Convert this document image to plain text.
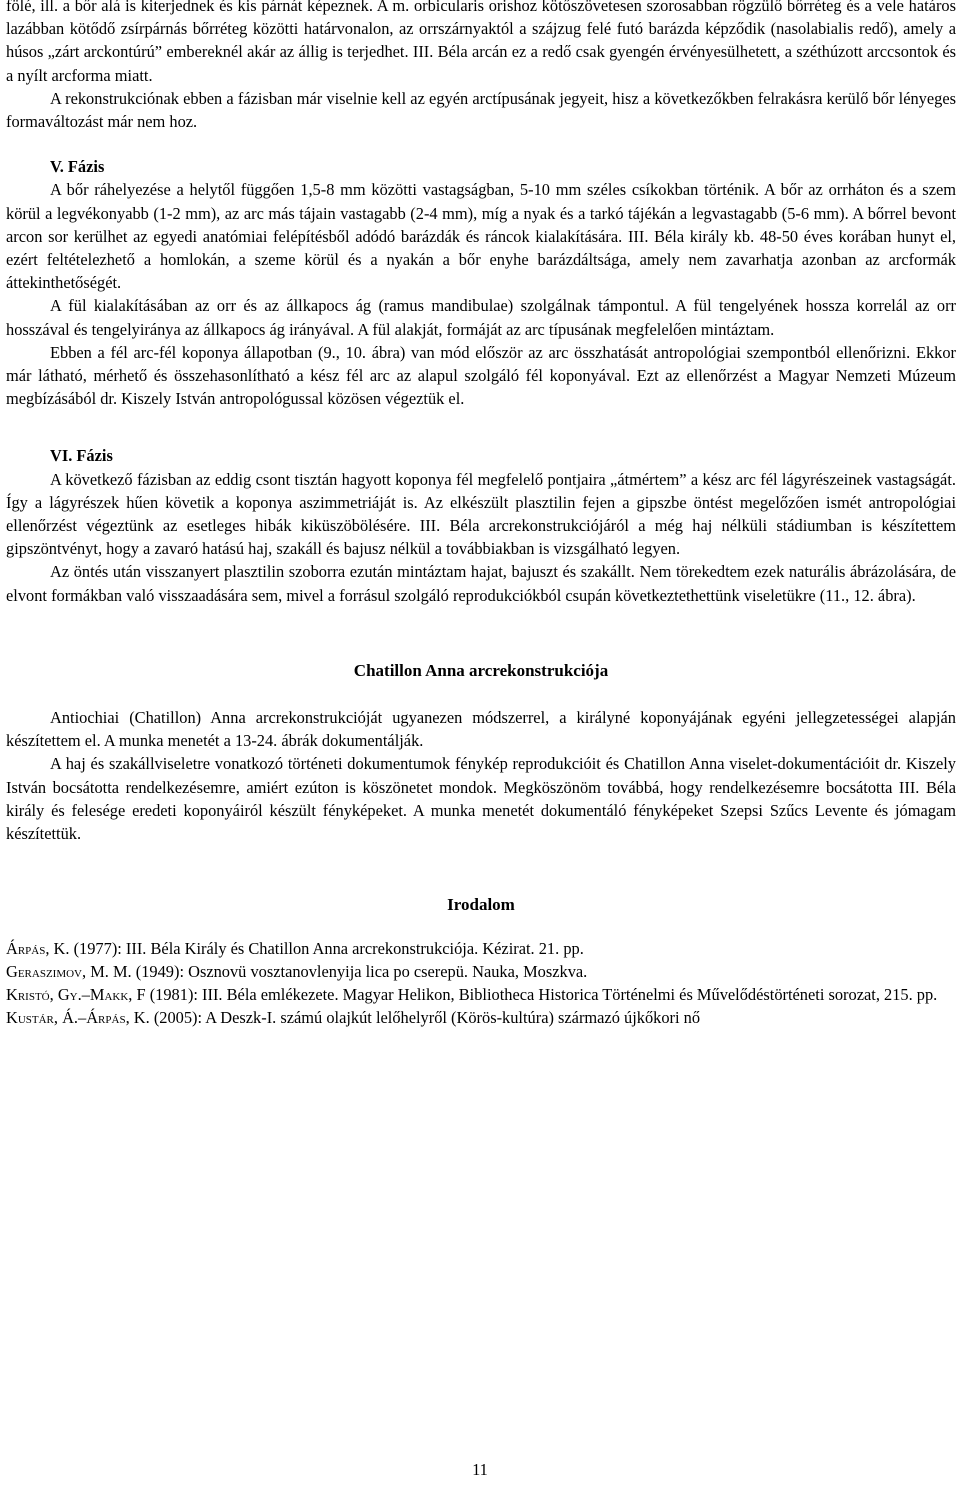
fölé, ill. a bőr alá is kiterjednek és kis párnát képeznek. A m. orbicularis orishoz kötőszövetesen szorosabban rögzülő bőrréteg és a vele határos lazábban kötődő zsírpárnás bőrréteg közötti határvonalon, az orrszárnyaktól a szájzug felé futó barázda képződik (nasolabialis redő), amely a húsos „zárt arckontúrú” embereknél akár az állig is terjedhet. III. Béla arcán ez a redő csak gyengén érvényesülhetett, a széthúzott arccsontok és a nyílt arcforma miatt.

A rekonstrukciónak ebben a fázisban már viselnie kell az egyén arctípusának jegyeit, hisz a következőkben felrakásra kerülő bőr lényeges formaváltozást már nem hoz.

V. Fázis

A bőr ráhelyezése a helytől függően 1,5-8 mm közötti vastagságban, 5-10 mm széles csíkokban történik. A bőr az orrháton és a szem körül a legvékonyabb (1-2 mm), az arc más tájain vastagabb (2-4 mm), míg a nyak és a tarkó tájékán a legvastagabb (5-6 mm). A bőrrel bevont arcon sor kerülhet az egyedi anatómiai felépítésből adódó barázdák és ráncok kialakítására. III. Béla király kb. 48-50 éves korában hunyt el, ezért feltételezhető a homlokán, a szeme körül és a nyakán a bőr enyhe barázdáltsága, amely nem zavarhatja azonban az arcformák áttekinthetőségét.

A fül kialakításában az orr és az állkapocs ág (ramus mandibulae) szolgálnak támpontul. A fül tengelyének hossza korrelál az orr hosszával és tengelyiránya az állkapocs ág irányával. A fül alakját, formáját az arc típusának megfelelően mintáztam.

Ebben a fél arc-fél koponya állapotban (9., 10. ábra) van mód először az arc összhatását antropológiai szempontból ellenőrizni. Ekkor már látható, mérhető és összehasonlítható a kész fél arc az alapul szolgáló fél koponyával. Ezt az ellenőrzést a Magyar Nemzeti Múzeum megbízásából dr. Kiszely István antropológussal közösen végeztük el.

VI. Fázis

A következő fázisban az eddig csont tisztán hagyott koponya fél megfelelő pontjaira „átmértem” a kész arc fél lágyrészeinek vastagságát. Így a lágyrészek hűen követik a koponya aszimmetriáját is. Az elkészült plasztilin fejen a gipszbe öntést megelőzően ismét antropológiai ellenőrzést végeztünk az esetleges hibák kiküszöbölésére. III. Béla arcrekonstrukciójáról a még haj nélküli stádiumban is készítettem gipszöntvényt, hogy a zavaró hatású haj, szakáll és bajusz nélkül a továbbiakban is vizsgálható legyen.

Az öntés után visszanyert plasztilin szoborra ezután mintáztam hajat, bajuszt és szakállt. Nem törekedtem ezek naturális ábrázolására, de elvont formákban való visszaadására sem, mivel a forrásul szolgáló reprodukciókból csupán következtethettünk viseletükre (11., 12. ábra).

Chatillon Anna arcrekonstrukciója

Antiochiai (Chatillon) Anna arcrekonstrukcióját ugyanezen módszerrel, a királyné koponyájának egyéni jellegzetességei alapján készítettem el. A munka menetét a 13-24. ábrák dokumentálják.

A haj és szakállviseletre vonatkozó történeti dokumentumok fénykép reprodukcióit és Chatillon Anna viselet-dokumentációit dr. Kiszely István bocsátotta rendelkezésemre, amiért ezúton is köszönetet mondok. Megköszönöm továbbá, hogy rendelkezésemre bocsátotta III. Béla király és felesége eredeti koponyáiról készült fényképeket. A munka menetét dokumentáló fényképeket Szepsi Szűcs Levente és jómagam készítettük.

Irodalom

Árpás, K. (1977): III. Béla Király és Chatillon Anna arcrekonstrukciója. Kézirat. 21. pp.

Geraszimov, M. M. (1949): Osznovü vosztanovlenyija lica po cserepü. Nauka, Moszkva.

Kristó, Gy.–Makk, F (1981): III. Béla emlékezete. Magyar Helikon, Bibliotheca Historica Történelmi és Művelődéstörténeti sorozat, 215. pp.

Kustár, Á.–Árpás, K. (2005): A Deszk-I. számú olajkút lelőhelyről (Körös-kultúra) származó újkőkori nő

11
